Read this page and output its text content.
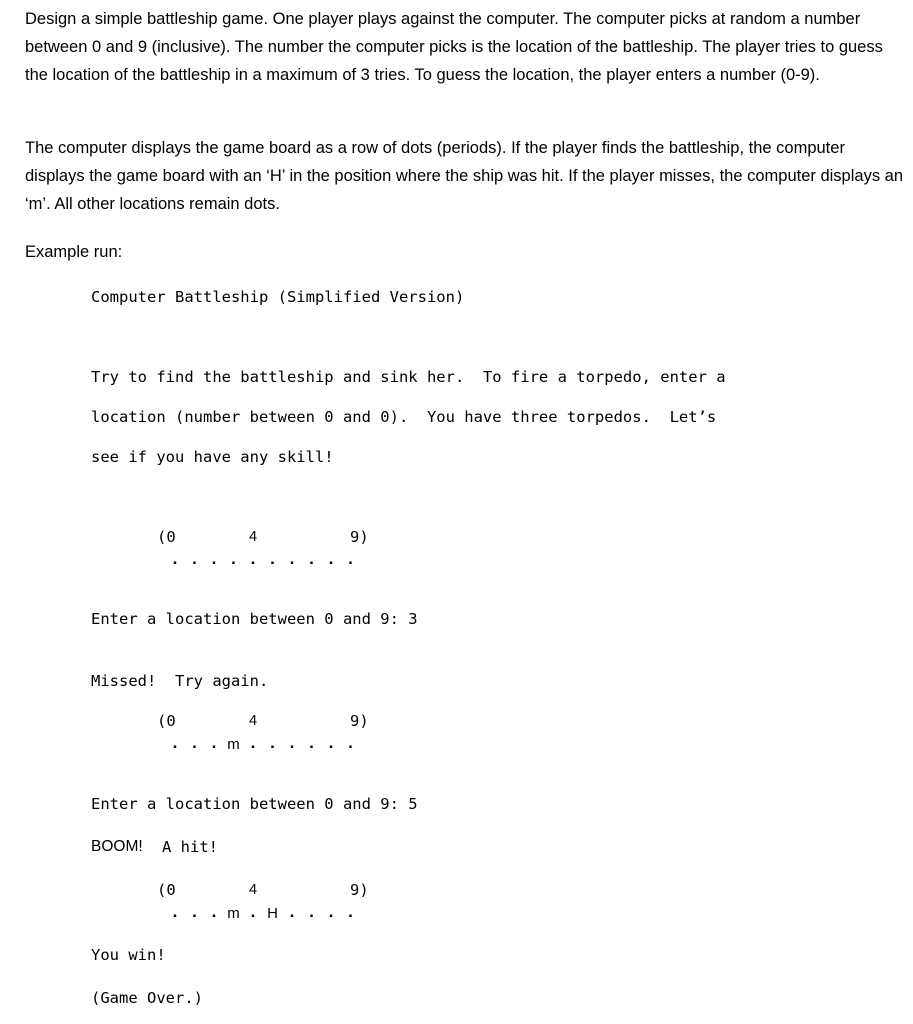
Design a simple battleship game. One player plays against the computer. The computer picks at random a number between 0 and 9 (inclusive). The number the computer picks is the location of the battleship. The player tries to guess the location of the battleship in a maximum of 3 tries. To guess the location, the player enters a number (0-9).

The computer displays the game board as a row of dots (periods). If the player finds the battleship, the computer displays the game board with an ‘H’ in the position where the ship was hit. If the player misses, the computer displays an ‘m’. All other locations remain dots.

Example run:

Computer Battleship (Simplified Version)
Try to find the battleship and sink her.  To fire a torpedo, enter a
location (number between 0 and 0).  You have three torpedos.  Let’s
see if you have any skill!
(0	4	9)
. . . . . . . . . .
Enter a location between 0 and 9: 3
Missed!  Try again.
(0	4	9)
. . . m . . . . . .
Enter a location between 0 and 9: 5
BOOM! A hit!
(0	4	9)
. . . m . H . . . .
You win!
(Game Over.)
